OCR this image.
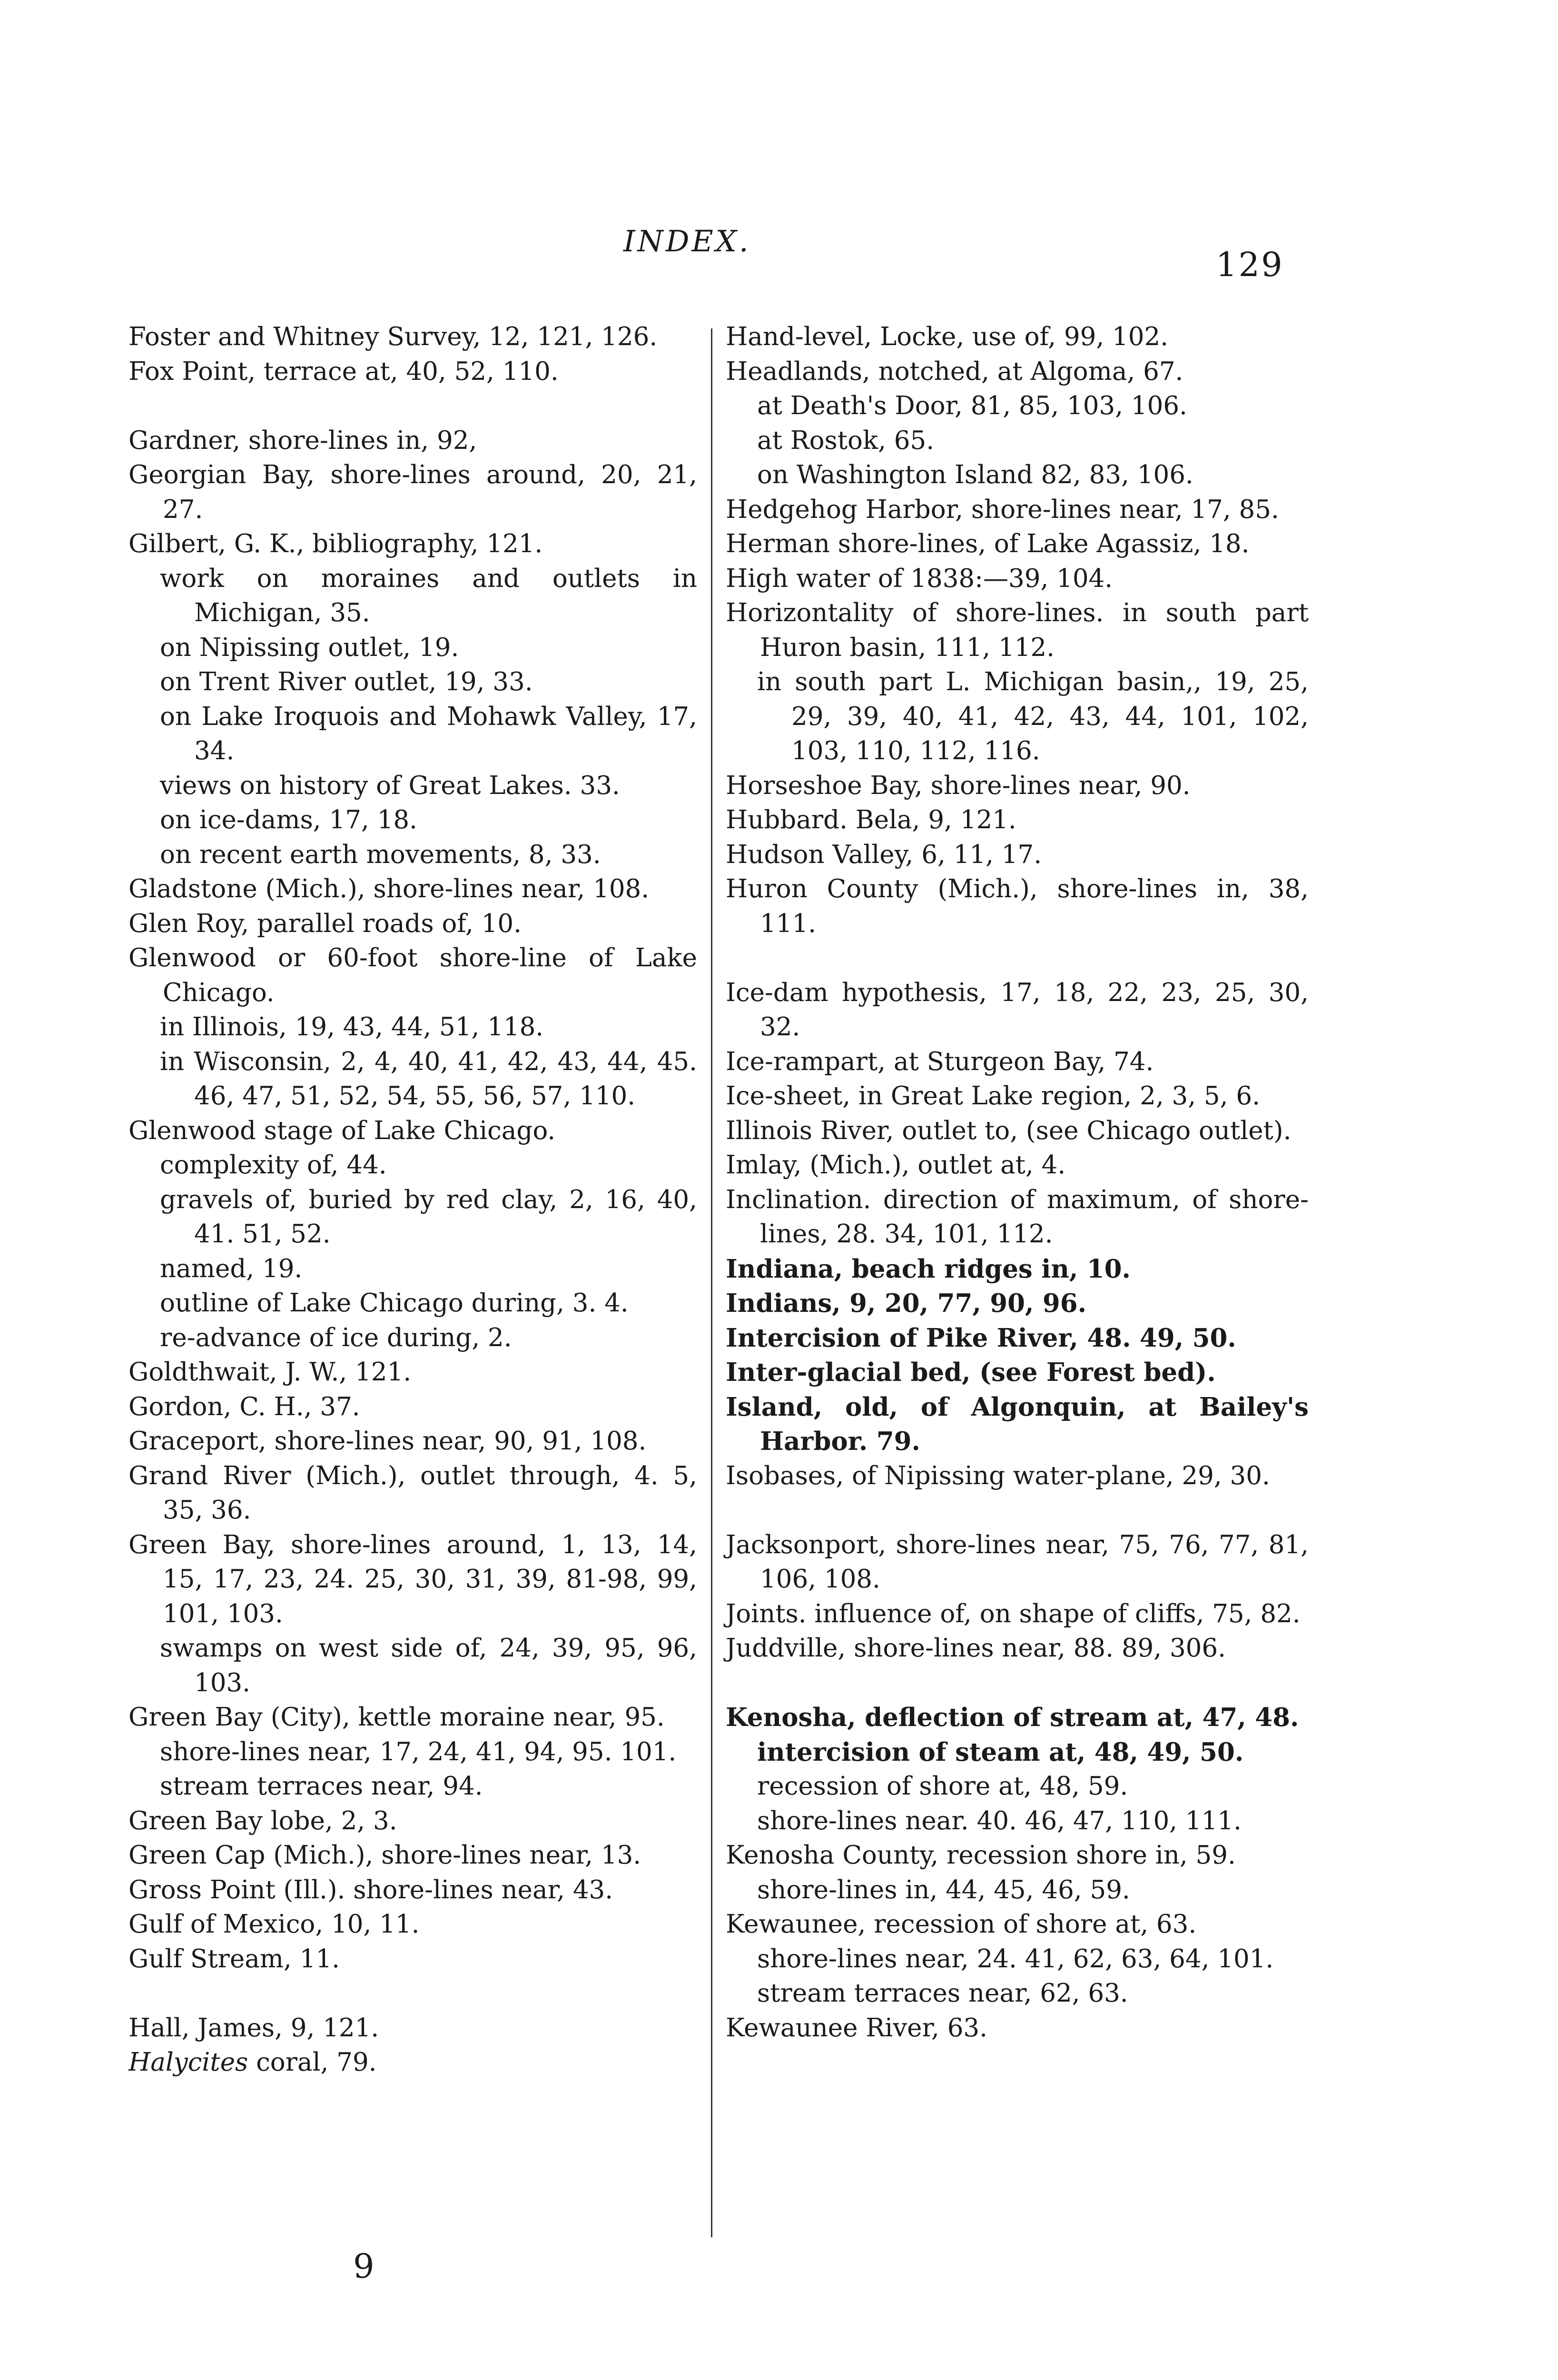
INDEX.
129
Foster and Whitney Survey, 12, 121, 126.
Fox Point, terrace at, 40, 52, 110.
Gardner, shore-lines in, 92,
Georgian Bay, shore-lines around, 20, 21, 27.
Gilbert, G. K., bibliography, 121.
work on moraines and outlets in Michigan, 35.
on Nipissing outlet, 19.
on Trent River outlet, 19, 33.
on Lake Iroquois and Mohawk Valley, 17, 34.
views on history of Great Lakes. 33.
on ice-dams, 17, 18.
on recent earth movements, 8, 33.
Gladstone (Mich.), shore-lines near, 108.
Glen Roy, parallel roads of, 10.
Glenwood or 60-foot shore-line of Lake Chicago.
in Illinois, 19, 43, 44, 51, 118.
in Wisconsin, 2, 4, 40, 41, 42, 43, 44, 45. 46, 47, 51, 52, 54, 55, 56, 57, 110.
Glenwood stage of Lake Chicago.
complexity of, 44.
gravels of, buried by red clay, 2, 16, 40, 41. 51, 52.
named, 19.
outline of Lake Chicago during, 3. 4.
re-advance of ice during, 2.
Goldthwait, J. W., 121.
Gordon, C. H., 37.
Graceport, shore-lines near, 90, 91, 108.
Grand River (Mich.), outlet through, 4. 5, 35, 36.
Green Bay, shore-lines around, 1, 13, 14, 15, 17, 23, 24. 25, 30, 31, 39, 81-98, 99, 101, 103.
swamps on west side of, 24, 39, 95, 96, 103.
Green Bay (City), kettle moraine near, 95.
shore-lines near, 17, 24, 41, 94, 95. 101.
stream terraces near, 94.
Green Bay lobe, 2, 3.
Green Cap (Mich.), shore-lines near, 13.
Gross Point (Ill.). shore-lines near, 43.
Gulf of Mexico, 10, 11.
Gulf Stream, 11.
Hall, James, 9, 121.
Halycites coral, 79.
Hand-level, Locke, use of, 99, 102.
Headlands, notched, at Algoma, 67.
at Death's Door, 81, 85, 103, 106.
at Rostok, 65.
on Washington Island 82, 83, 106.
Hedgehog Harbor, shore-lines near, 17, 85.
Herman shore-lines, of Lake Agassiz, 18.
High water of 1838:—39, 104.
Horizontality of shore-lines. in south part Huron basin, 111, 112.
in south part L. Michigan basin,, 19, 25, 29, 39, 40, 41, 42, 43, 44, 101, 102, 103, 110, 112, 116.
Horseshoe Bay, shore-lines near, 90.
Hubbard. Bela, 9, 121.
Hudson Valley, 6, 11, 17.
Huron County (Mich.), shore-lines in, 38, 111.
Ice-dam hypothesis, 17, 18, 22, 23, 25, 30, 32.
Ice-rampart, at Sturgeon Bay, 74.
Ice-sheet, in Great Lake region, 2, 3, 5, 6.
Illinois River, outlet to, (see Chicago outlet).
Imlay, (Mich.), outlet at, 4.
Inclination. direction of maximum, of shore-lines, 28. 34, 101, 112.
Indiana, beach ridges in, 10.
Indians, 9, 20, 77, 90, 96.
Intercision of Pike River, 48. 49, 50.
Inter-glacial bed, (see Forest bed).
Island, old, of Algonquin, at Bailey's Harbor. 79.
Isobases, of Nipissing water-plane, 29, 30.
Jacksonport, shore-lines near, 75, 76, 77, 81, 106, 108.
Joints. influence of, on shape of cliffs, 75, 82.
Juddville, shore-lines near, 88. 89, 306.
Kenosha, deflection of stream at, 47, 48.
intercision of steam at, 48, 49, 50.
recession of shore at, 48, 59.
shore-lines near. 40. 46, 47, 110, 111.
Kenosha County, recession shore in, 59.
shore-lines in, 44, 45, 46, 59.
Kewaunee, recession of shore at, 63.
shore-lines near, 24. 41, 62, 63, 64, 101.
stream terraces near, 62, 63.
Kewaunee River, 63.
9
